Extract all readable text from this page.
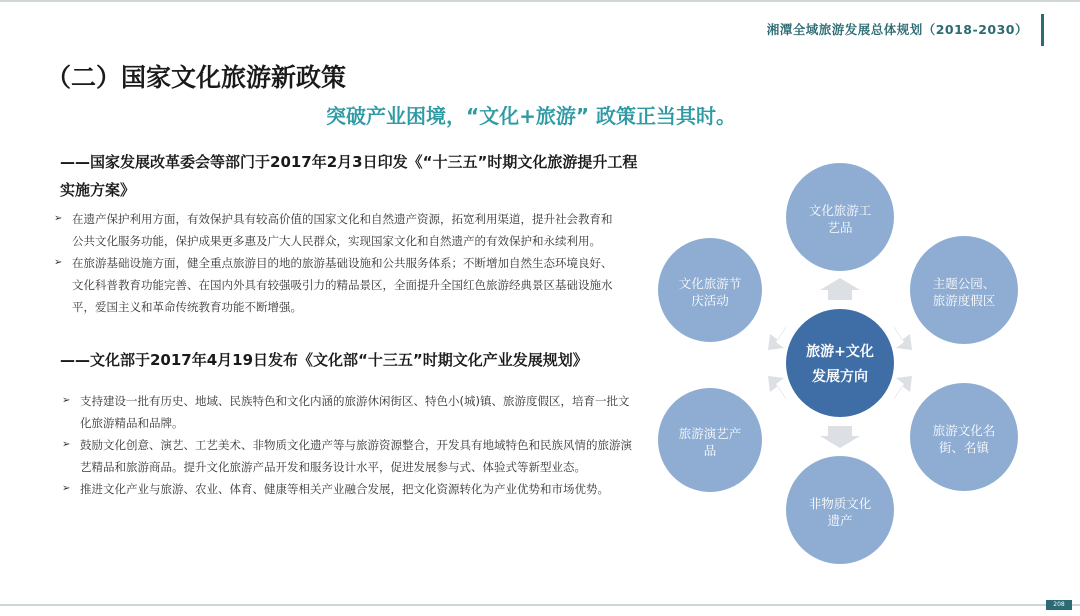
湘潭全域旅游发展总体规划（2018-2030）
（二）国家文化旅游新政策
突破产业困境，“文化+旅游” 政策正当其时。
——国家发展改革委会等部门于2017年2月3日印发《“十三五”时期文化旅游提升工程实施方案》
➢ 在遗产保护利用方面，有效保护具有较高价值的国家文化和自然遗产资源，拓宽利用渠道，提升社会教育和公共文化服务功能，保护成果更多惠及广大人民群众，实现国家文化和自然遗产的有效保护和永续利用。
➢ 在旅游基础设施方面，健全重点旅游目的地的旅游基础设施和公共服务体系；不断增加自然生态环境良好、文化科普教育功能完善、在国内外具有较强吸引力的精品景区，全面提升全国红色旅游经典景区基础设施水平，爱国主义和革命传统教育功能不断增强。
——文化部于2017年4月19日发布《文化部“十三五”时期文化产业发展规划》
➢ 支持建设一批有历史、地域、民族特色和文化内涵的旅游休闲街区、特色小(城)镇、旅游度假区，培育一批文化旅游精品和品牌。
➢ 鼓励文化创意、演艺、工艺美术、非物质文化遗产等与旅游资源整合，开发具有地域特色和民族风情的旅游演艺精品和旅游商品。提升文化旅游产品开发和服务设计水平，促进发展参与式、体验式等新型业态。
➢ 推进文化产业与旅游、农业、体育、健康等相关产业融合发展，把文化资源转化为产业优势和市场优势。
文化旅游工
艺品
主题公园、
旅游度假区
旅游文化名
街、名镇
非物质文化
遗产
旅游演艺产
品
文化旅游节
庆活动
旅游+文化
发展方向
208
